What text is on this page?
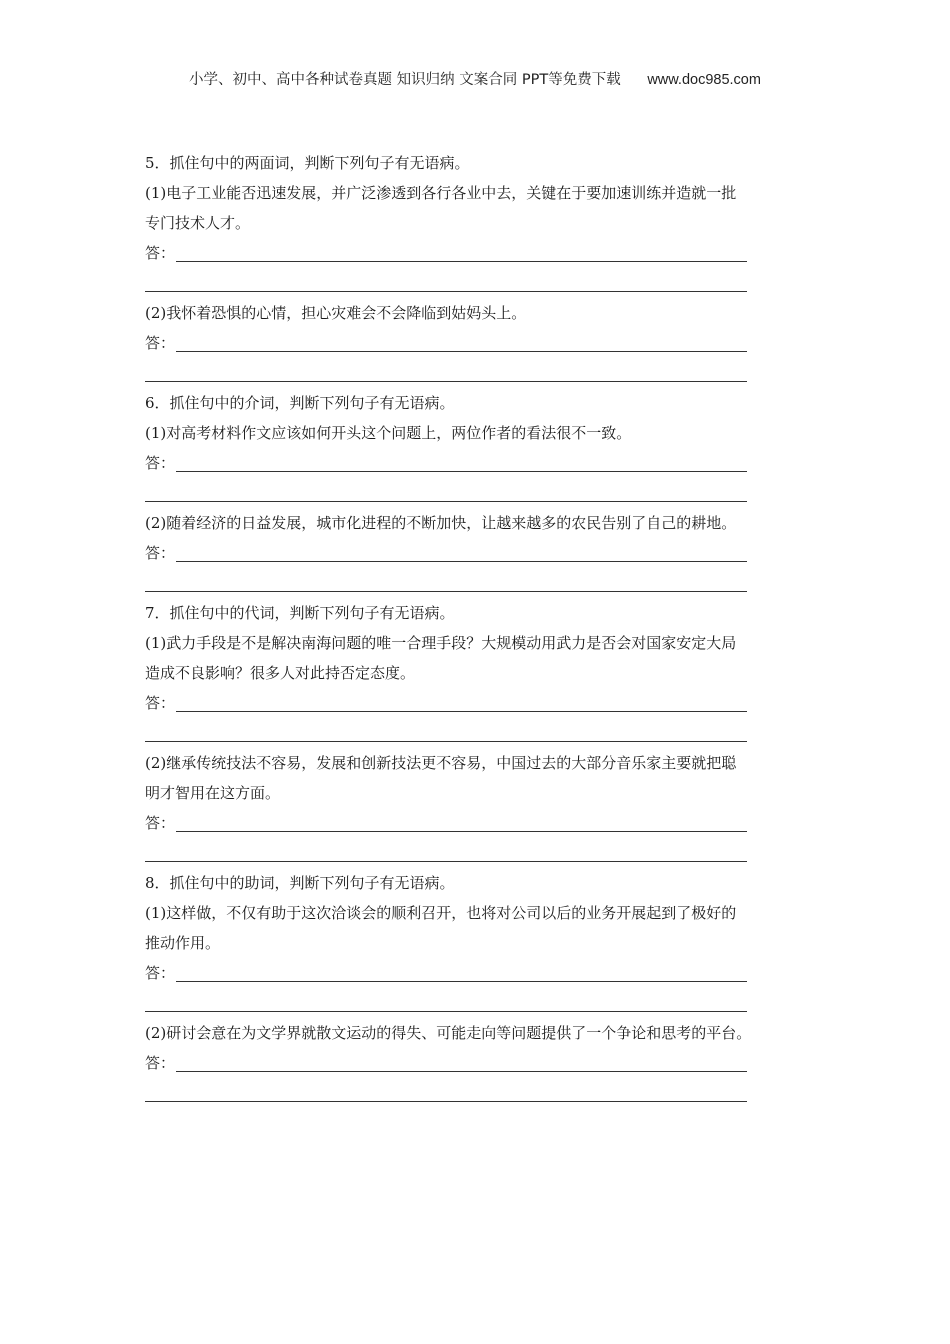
小学、初中、高中各种试卷真题 知识归纳 文案合同 PPT等免费下载 www.doc985.com

5．抓住句中的两面词，判断下列句子有无语病。

(1)电子工业能否迅速发展，并广泛渗透到各行各业中去，关键在于要加速训练并造就一批

专门技术人才。

答：

(2)我怀着恐惧的心情，担心灾难会不会降临到姑妈头上。

答：

6．抓住句中的介词，判断下列句子有无语病。

(1)对高考材料作文应该如何开头这个问题上，两位作者的看法很不一致。

答：

(2)随着经济的日益发展，城市化进程的不断加快，让越来越多的农民告别了自己的耕地。

答：

7．抓住句中的代词，判断下列句子有无语病。

(1)武力手段是不是解决南海问题的唯一合理手段？大规模动用武力是否会对国家安定大局

造成不良影响？很多人对此持否定态度。

答：

(2)继承传统技法不容易，发展和创新技法更不容易，中国过去的大部分音乐家主要就把聪

明才智用在这方面。

答：

8．抓住句中的助词，判断下列句子有无语病。

(1)这样做，不仅有助于这次洽谈会的顺利召开，也将对公司以后的业务开展起到了极好的

推动作用。

答：

(2)研讨会意在为文学界就散文运动的得失、可能走向等问题提供了一个争论和思考的平台。

答：
